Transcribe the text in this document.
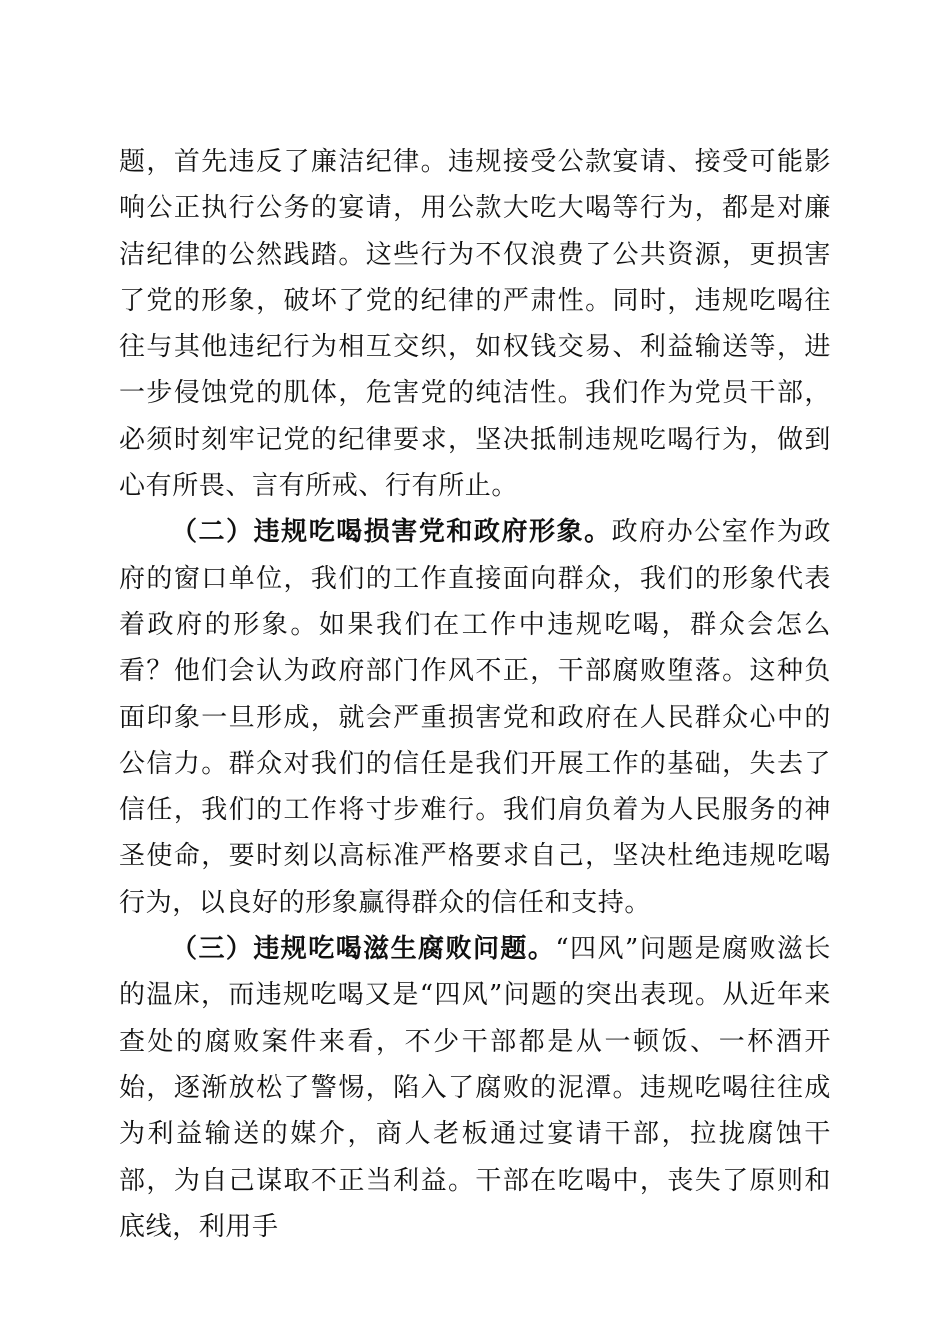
题，首先违反了廉洁纪律。违规接受公款宴请、接受可能影响公正执行公务的宴请，用公款大吃大喝等行为，都是对廉洁纪律的公然践踏。这些行为不仅浪费了公共资源，更损害了党的形象，破坏了党的纪律的严肃性。同时，违规吃喝往往与其他违纪行为相互交织，如权钱交易、利益输送等，进一步侵蚀党的肌体，危害党的纯洁性。我们作为党员干部，必须时刻牢记党的纪律要求，坚决抵制违规吃喝行为，做到心有所畏、言有所戒、行有所止。

（二）违规吃喝损害党和政府形象。政府办公室作为政府的窗口单位，我们的工作直接面向群众，我们的形象代表着政府的形象。如果我们在工作中违规吃喝，群众会怎么看？他们会认为政府部门作风不正，干部腐败堕落。这种负面印象一旦形成，就会严重损害党和政府在人民群众心中的公信力。群众对我们的信任是我们开展工作的基础，失去了信任，我们的工作将寸步难行。我们肩负着为人民服务的神圣使命，要时刻以高标准严格要求自己，坚决杜绝违规吃喝行为，以良好的形象赢得群众的信任和支持。

（三）违规吃喝滋生腐败问题。“四风”问题是腐败滋长的温床，而违规吃喝又是“四风”问题的突出表现。从近年来查处的腐败案件来看，不少干部都是从一顿饭、一杯酒开始，逐渐放松了警惕，陷入了腐败的泥潭。违规吃喝往往成为利益输送的媒介，商人老板通过宴请干部，拉拢腐蚀干部，为自己谋取不正当利益。干部在吃喝中，丧失了原则和底线，利用手
